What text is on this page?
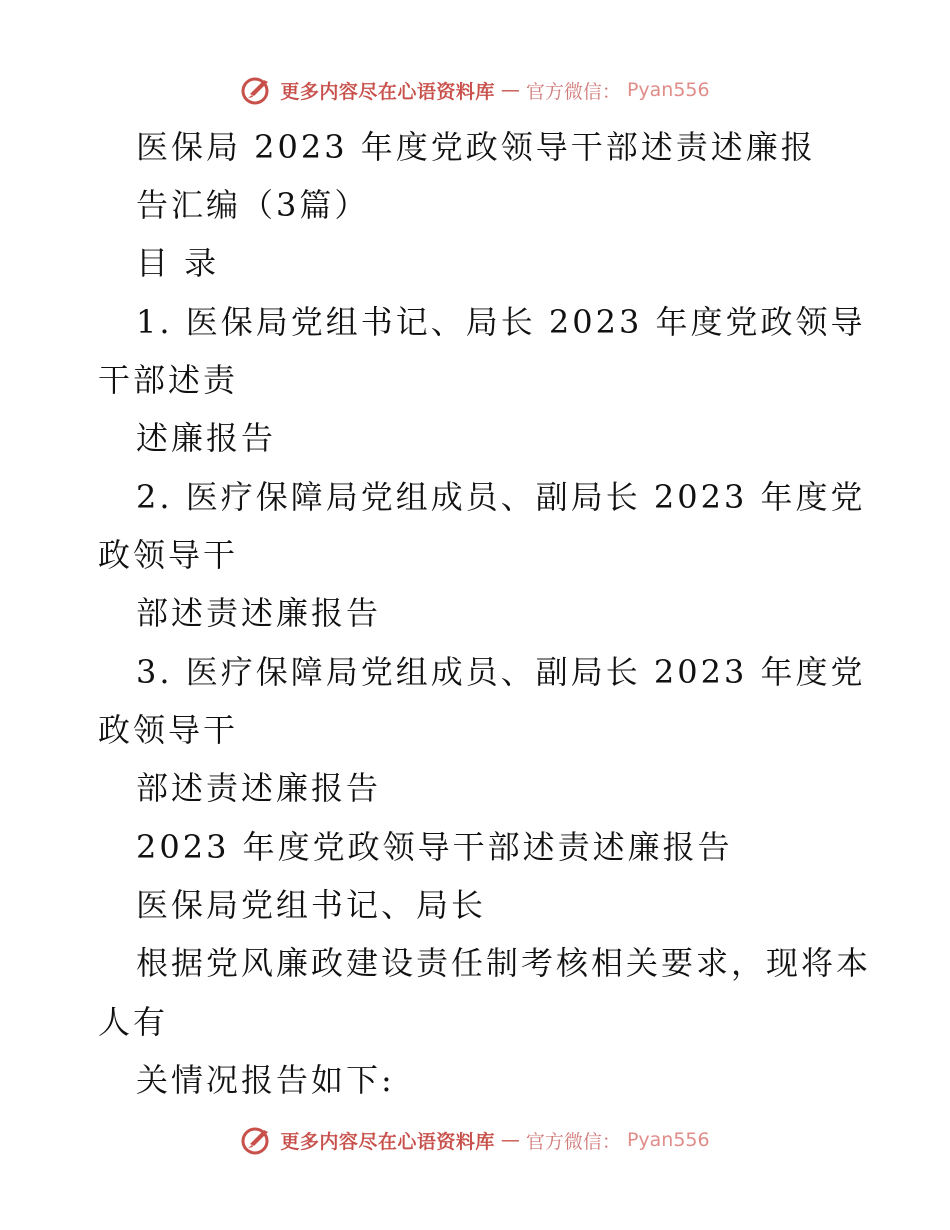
更多内容尽在心语资料库 — 官方微信： Pyan556
医保局 2023 年度党政领导干部述责述廉报
告汇编（3篇）
目 录
1. 医保局党组书记、局长 2023 年度党政领导
干部述责
述廉报告
2. 医疗保障局党组成员、副局长 2023 年度党
政领导干
部述责述廉报告
3. 医疗保障局党组成员、副局长 2023 年度党
政领导干
部述责述廉报告
2023 年度党政领导干部述责述廉报告
医保局党组书记、局长
根据党风廉政建设责任制考核相关要求，现将本
人有
关情况报告如下:
更多内容尽在心语资料库 — 官方微信： Pyan556
